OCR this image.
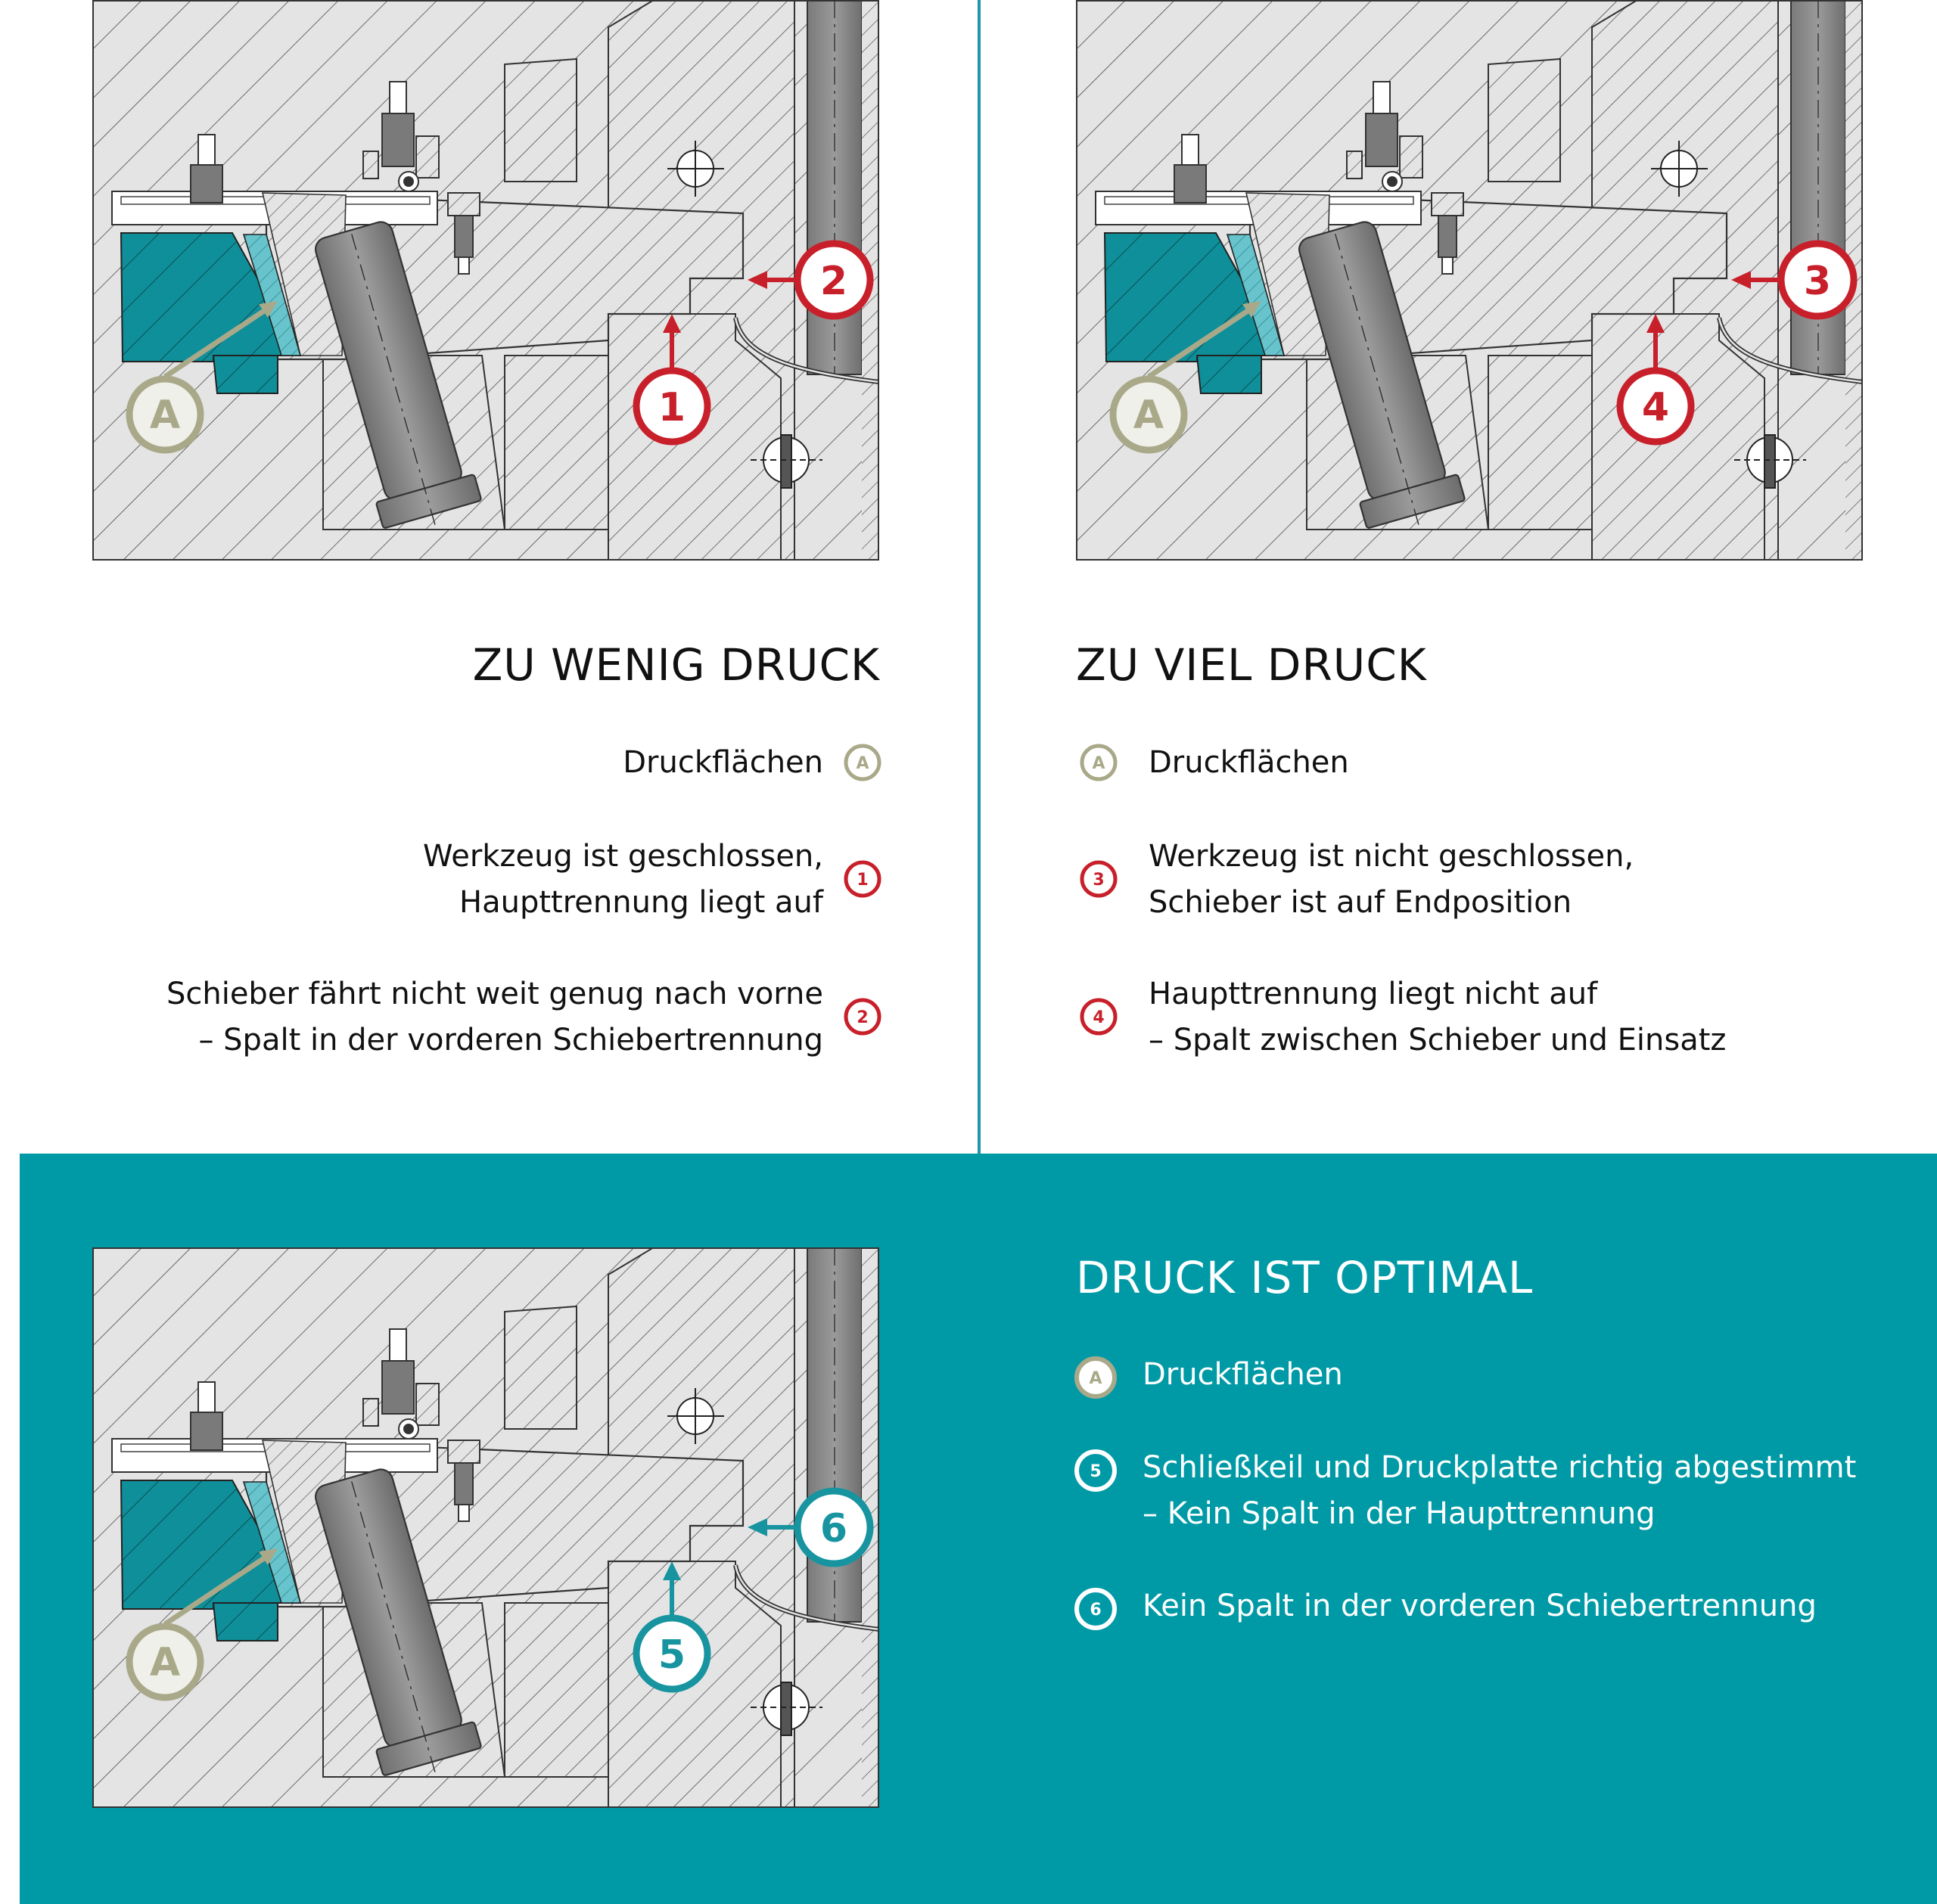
A	1
2
A	4
3
A	5
6
ZU WENIG DRUCK	ZU VIEL DRUCK
DRUCK IST OPTIMAL
Druckflächen A
Werkzeug ist geschlossen,
Haupttrennung liegt auf
1
Schieber fährt nicht weit genug nach vorne
– Spalt in der vorderen Schiebertrennung
2
A Druckflächen
3
Werkzeug ist nicht geschlossen,
Schieber ist auf Endposition
4
Haupttrennung liegt nicht auf
– Spalt zwischen Schieber und Einsatz
A Druckflächen
5 Schließkeil und Druckplatte richtig abgestimmt
– Kein Spalt in der Haupttrennung
6 Kein Spalt in der vorderen Schiebertrennung
